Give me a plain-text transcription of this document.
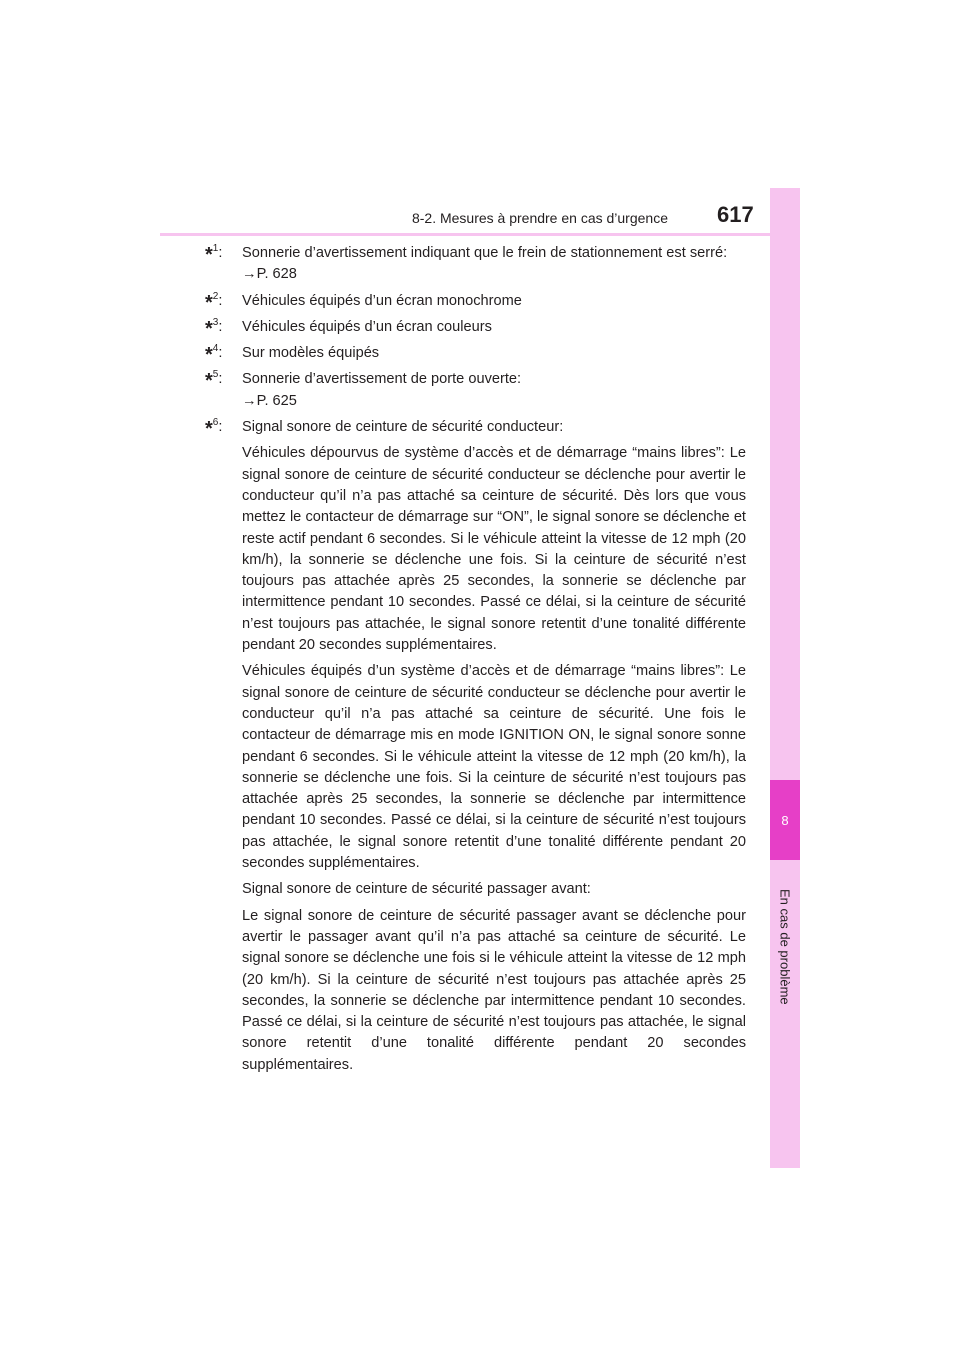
8
En cas de problème
8-2. Mesures à prendre en cas d’urgence 617
*$^1$: Sonnerie d’avertissement indiquant que le frein de stationnement est serré:
→P. 628
*$^2$: Véhicules équipés d’un écran monochrome
*$^3$: Véhicules équipés d’un écran couleurs
*$^4$: Sur modèles équipés
*$^5$: Sonnerie d’avertissement de porte ouverte:
→P. 625
*$^6$: Signal sonore de ceinture de sécurité conducteur:
Véhicules dépourvus de système d’accès et de démarrage “mains libres”: Le signal sonore de ceinture de sécurité conducteur se déclenche pour avertir le conducteur qu’il n’a pas attaché sa ceinture de sécurité. Dès lors que vous mettez le contacteur de démarrage sur “ON”, le signal sonore se déclenche et reste actif pendant 6 secondes. Si le véhicule atteint la vitesse de 12 mph (20 km/h), la sonnerie se déclenche une fois. Si la ceinture de sécurité n’est toujours pas attachée après 25 secondes, la sonnerie se déclenche par intermittence pendant 10 secondes. Passé ce délai, si la ceinture de sécurité n’est toujours pas attachée, le signal sonore retentit d’une tonalité différente pendant 20 secondes supplémentaires.
Véhicules équipés d’un système d’accès et de démarrage “mains libres”: Le signal sonore de ceinture de sécurité conducteur se déclenche pour avertir le conducteur qu’il n’a pas attaché sa ceinture de sécurité. Une fois le contacteur de démarrage mis en mode IGNITION ON, le signal sonore sonne pendant 6 secondes. Si le véhicule atteint la vitesse de 12 mph (20 km/h), la sonnerie se déclenche une fois. Si la ceinture de sécurité n’est toujours pas attachée après 25 secondes, la sonnerie se déclenche par intermittence pendant 10 secondes. Passé ce délai, si la ceinture de sécurité n’est toujours pas attachée, le signal sonore retentit d’une tonalité différente pendant 20 secondes supplémentaires.
Signal sonore de ceinture de sécurité passager avant:
Le signal sonore de ceinture de sécurité passager avant se déclenche pour avertir le passager avant qu’il n’a pas attaché sa ceinture de sécurité. Le signal sonore se déclenche une fois si le véhicule atteint la vitesse de 12 mph (20 km/h). Si la ceinture de sécurité n’est toujours pas attachée après 25 secondes, la sonnerie se déclenche par intermittence pendant 10 secondes. Passé ce délai, si la ceinture de sécurité n’est toujours pas attachée, le signal sonore retentit d’une tonalité différente pendant 20 secondes supplémentaires.
